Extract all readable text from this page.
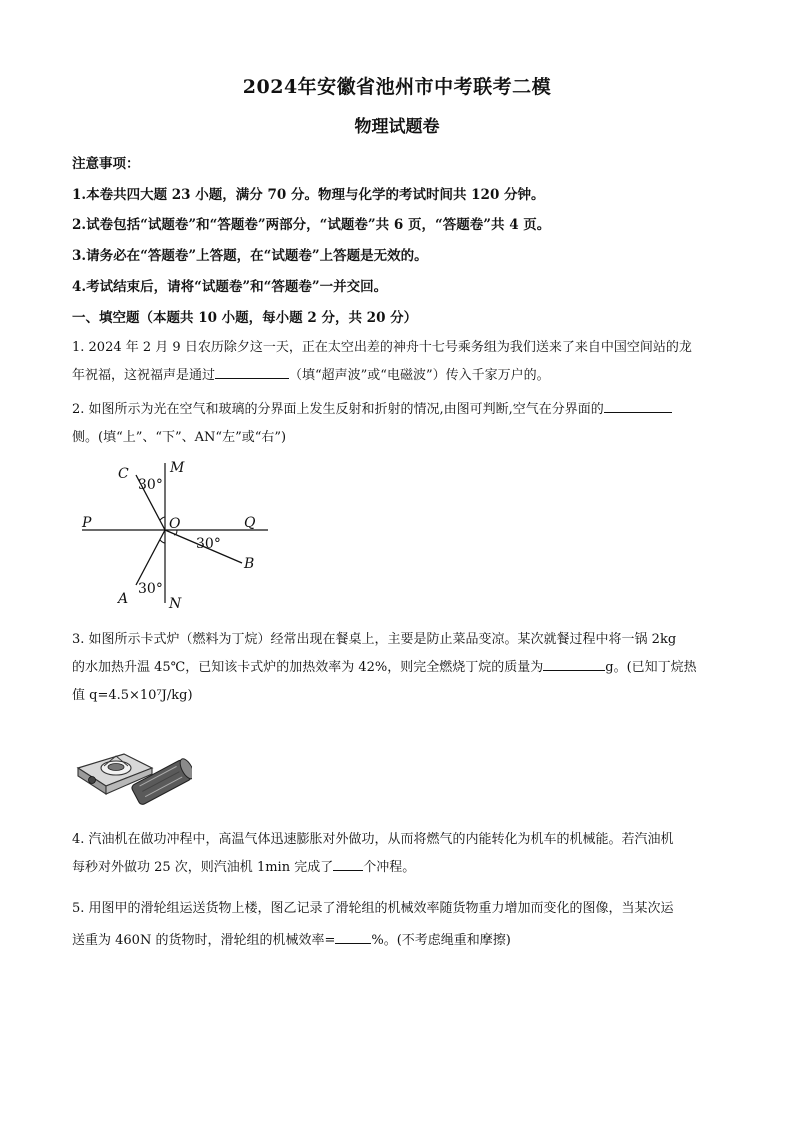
2024年安徽省池州市中考联考二模
物理试题卷
注意事项：
1.本卷共四大题 23 小题，满分 70 分。物理与化学的考试时间共 120 分钟。
2.试卷包括“试题卷”和“答题卷”两部分，“试题卷”共 6 页，“答题卷”共 4 页。
3.请务必在“答题卷”上答题，在“试题卷”上答题是无效的。
4.考试结束后，请将“试题卷”和“答题卷”一并交回。
一、填空题（本题共 10 小题，每小题 2 分，共 20 分）
1. 2024 年 2 月 9 日农历除夕这一天，正在太空出差的神舟十七号乘务组为我们送来了来自中国空间站的龙
年祝福，这祝福声是通过	（填“超声波”或“电磁波”）传入千家万户的。
2. 如图所示为光在空气和玻璃的分界面上发生反射和折射的情况,由图可判断,空气在分界面的
侧。(填“上”、“下”、AN“左”或“右”)
C
30°
M
P	O	Q
30°
B
30°
A	N
3. 如图所示卡式炉（燃料为丁烷）经常出现在餐桌上，主要是防止菜品变凉。某次就餐过程中将一锅 2kg
的水加热升温 45℃，已知该卡式炉的加热效率为 42%，则完全燃烧丁烷的质量为	g。(已知丁烷热
值 q=4.5×10⁷J/kg)
4. 汽油机在做功冲程中，高温气体迅速膨胀对外做功，从而将燃气的内能转化为机车的机械能。若汽油机
每秒对外做功 25 次，则汽油机 1min 完成了 个冲程。
5. 用图甲的滑轮组运送货物上楼，图乙记录了滑轮组的机械效率随货物重力增加而变化的图像，当某次运
送重为 460N 的货物时，滑轮组的机械效率=	%。(不考虑绳重和摩擦)
